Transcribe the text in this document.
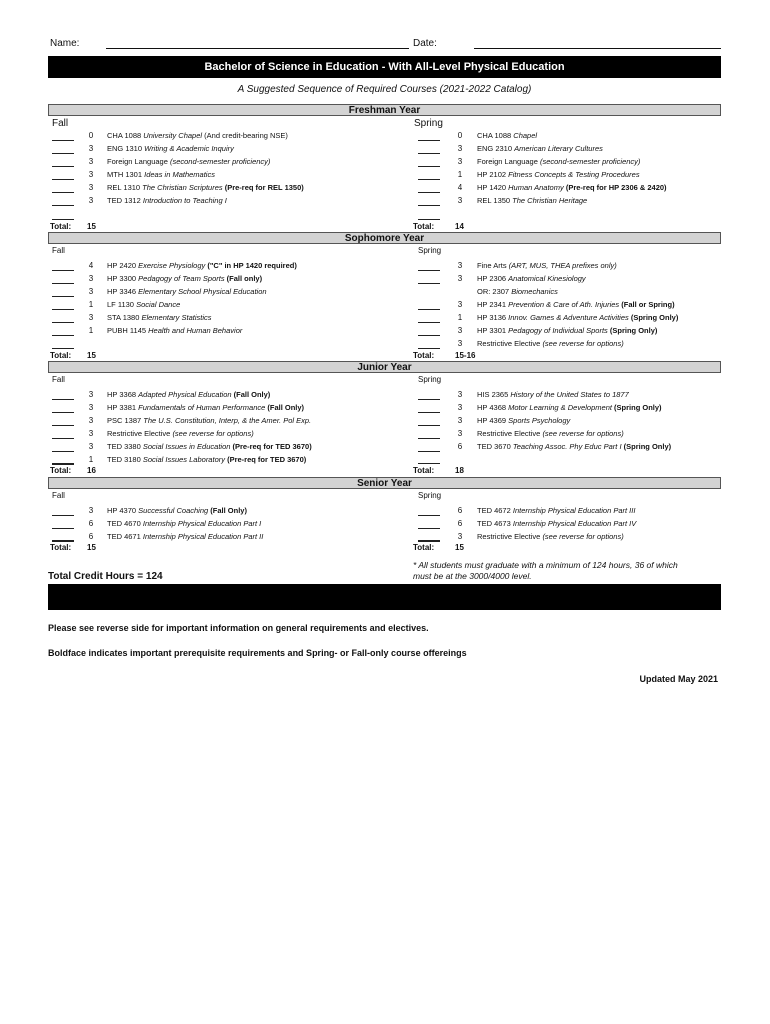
Name:	Date:
Bachelor of Science in Education - With All-Level Physical Education
A Suggested Sequence of Required Courses (2021-2022 Catalog)
Freshman Year
Fall	Spring
0	CHA 1088 University Chapel (And credit-bearing NSE)
3	ENG 1310 Writing & Academic Inquiry
3	Foreign Language (second-semester proficiency)
3	MTH 1301 Ideas in Mathematics
3	REL 1310 The Christian Scriptures (Pre-req for REL 1350)
3	TED 1312 Introduction to Teaching I
0	CHA 1088 Chapel
3	ENG 2310 American Literary Cultures
3	Foreign Language (second-semester proficiency)
1	HP 2102 Fitness Concepts & Testing Procedures
4	HP 1420 Human Anatomy (Pre-req for HP 2306 & 2420)
3	REL 1350 The Christian Heritage
Total: 15	Total:	14
Sophomore Year
Fall	Spring
4	HP 2420 Exercise Physiology ("C" in HP 1420 required)
3	HP 3300 Pedagogy of Team Sports (Fall only)
3	HP 3346 Elementary School Physical Education
1	LF 1130 Social Dance
3	STA 1380 Elementary Statistics
1	PUBH 1145 Health and Human Behavior
3	Fine Arts (ART, MUS, THEA prefixes only)
3	HP 2306 Anatomical Kinesiology
OR: 2307 Biomechanics
3	HP 2341 Prevention & Care of Ath. Injuries (Fall or Spring)
1	HP 3136 Innov. Games & Adventure Activities (Spring Only)
3	HP 3301 Pedagogy of Individual Sports (Spring Only)
3	Restrictive Elective (see reverse for options)
Total: 15	Total:	15-16
Junior Year
Fall	Spring
3	HP 3368 Adapted Physical Education (Fall Only)
3	HP 3381 Fundamentals of Human Performance (Fall Only)
3	PSC 1387 The U.S. Constitution, Interp, & the Amer. Pol Exp.
3	Restrictive Elective (see reverse for options)
3	TED 3380 Social Issues in Education (Pre-req for TED 3670)
1	TED 3180 Social Issues Laboratory (Pre-req for TED 3670)
3	HIS 2365 History of the United States to 1877
3	HP 4368 Motor Learning & Development (Spring Only)
3	HP 4369 Sports Psychology
3	Restrictive Elective (see reverse for options)
6	TED 3670 Teaching Assoc. Phy Educ Part I (Spring Only)
Total: 16	Total:	18
Senior Year
Fall	Spring
3	HP 4370 Successful Coaching (Fall Only)
6	TED 4670 Internship Physical Education Part I
6	TED 4671 Internship Physical Education Part II
6	TED 4672 Internship Physical Education Part III
6	TED 4673 Internship Physical Education Part IV
3	Restrictive Elective (see reverse for options)
Total: 15	Total:	15
Total Credit Hours = 124
* All students must graduate with a minimum of 124 hours, 36 of which
must be at the 3000/4000 level.
Please see reverse side for important information on general requirements and electives.
Boldface indicates important prerequisite requirements and Spring- or Fall-only course offereings
Updated May 2021
